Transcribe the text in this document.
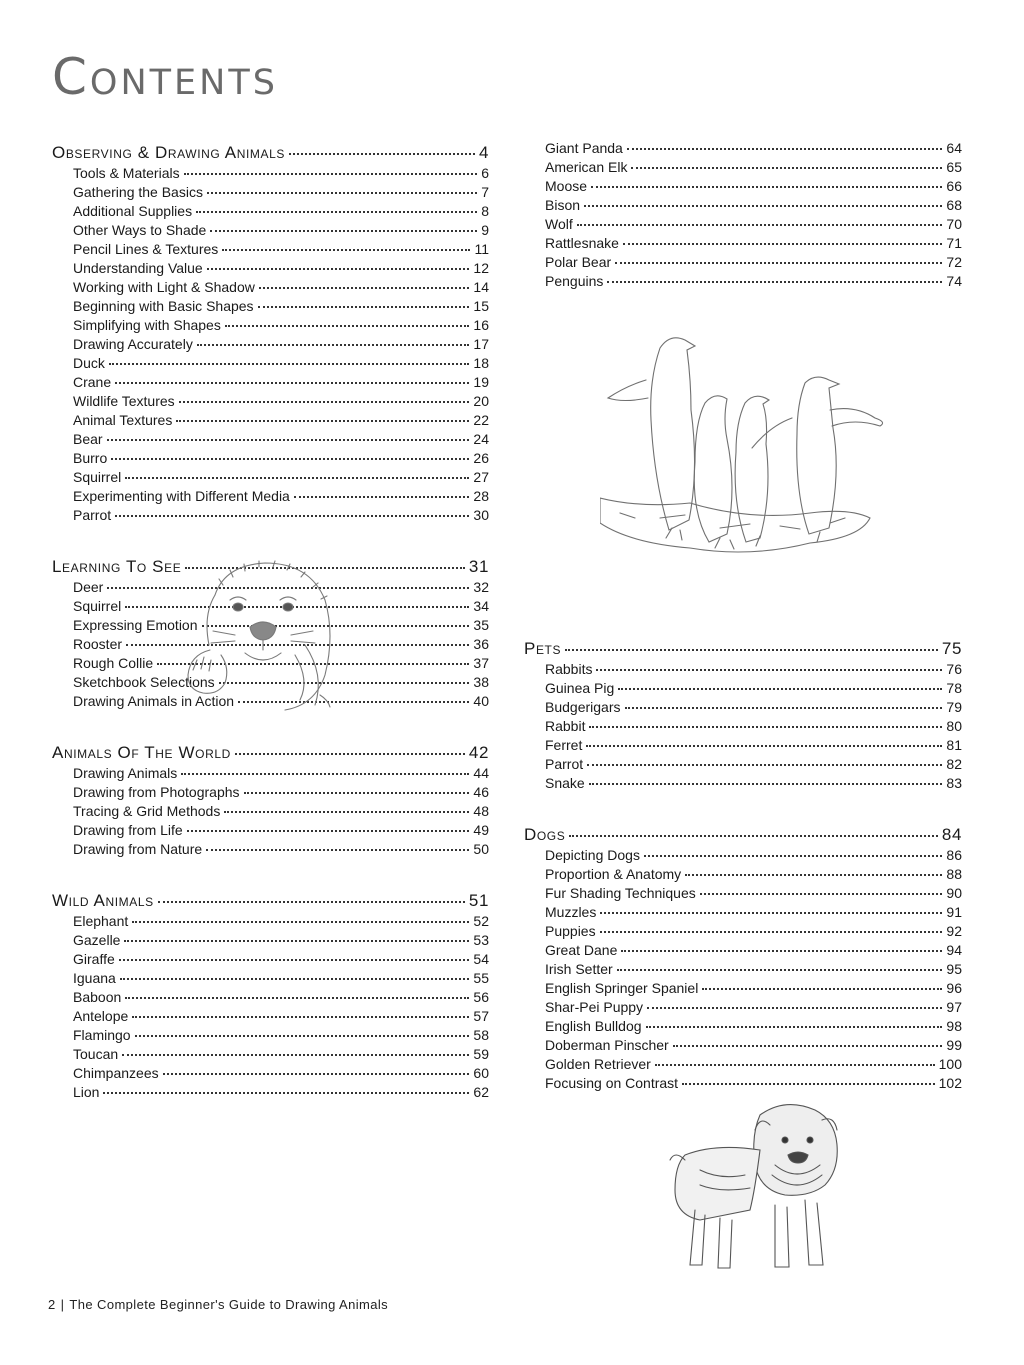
Contents
Observing & Drawing Animals	4
Tools & Materials	6
Gathering the Basics	7
Additional Supplies	8
Other Ways to Shade	9
Pencil Lines & Textures	11
Understanding Value	12
Working with Light & Shadow	14
Beginning with Basic Shapes	15
Simplifying with Shapes	16
Drawing Accurately	17
Duck	18
Crane	19
Wildlife Textures	20
Animal Textures	22
Bear	24
Burro	26
Squirrel	27
Experimenting with Different Media	28
Parrot	30
Learning To See	31
Deer	32
Squirrel	34
Expressing Emotion	35
Rooster	36
Rough Collie	37
Sketchbook Selections	38
Drawing Animals in Action	40
Animals Of The World	42
Drawing Animals	44
Drawing from Photographs	46
Tracing & Grid Methods	48
Drawing from Life	49
Drawing from Nature	50
Wild Animals	51
Elephant	52
Gazelle	53
Giraffe	54
Iguana	55
Baboon	56
Antelope	57
Flamingo	58
Toucan	59
Chimpanzees	60
Lion	62
Giant Panda	64
American Elk	65
Moose	66
Bison	68
Wolf	70
Rattlesnake	71
Polar Bear	72
Penguins	74
Pets	75
Rabbits	76
Guinea Pig	78
Budgerigars	79
Rabbit	80
Ferret	81
Parrot	82
Snake	83
Dogs	84
Depicting Dogs	86
Proportion & Anatomy	88
Fur Shading Techniques	90
Muzzles	91
Puppies	92
Great Dane	94
Irish Setter	95
English Springer Spaniel	96
Shar-Pei Puppy	97
English Bulldog	98
Doberman Pinscher	99
Golden Retriever	100
Focusing on Contrast	102
2 | The Complete Beginner's Guide to Drawing Animals
